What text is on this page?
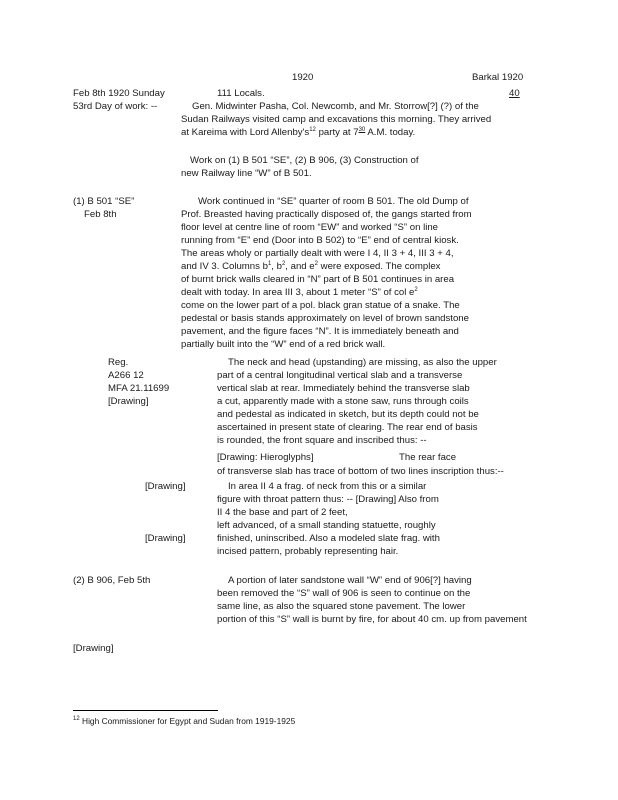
1920	Barkal 1920
40
Feb 8th 1920 Sunday	111 Locals.
53rd Day of work: --	Gen. Midwinter Pasha, Col. Newcomb, and Mr. Storrow[?] (?) of the
Sudan Railways visited camp and excavations this morning. They arrived
at Kareima with Lord $Allenby's^{12}$ party at $7^{30}$ A.M. today.
Work on (1) B 501 “SE”, (2) B 906, (3) Construction of
new Railway line “W” of B 501.
(1) B 501 “SE”
Feb 8th
Work continued in “SE” quarter of room B 501. The old Dump of
Prof. Breasted having practically disposed of, the gangs started from
floor level at centre line of room “EW” and worked “S” on line
running from “E” end (Door into B 502) to “E” end of central kiosk.
The areas wholy or partially dealt with were I 4, II 3 + 4, III 3 + 4,
and IV 3. Columns $b^1$, $b^2$, and $e^2$ were exposed. The complex
of burnt brick walls cleared in “N” part of B 501 continues in area
dealt with today. In area III 3, about 1 meter “S” of col $e^2$
come on the lower part of a pol. black gran statue of a snake. The
pedestal or basis stands approximately on level of brown sandstone
pavement, and the figure faces “N”. It is immediately beneath and
partially built into the “W” end of a red brick wall.
Reg.
A266 12
MFA 21.11699
[Drawing]
The neck and head (upstanding) are missing, as also the upper
part of a central longitudinal vertical slab and a transverse
vertical slab at rear. Immediately behind the transverse slab
a cut, apparently made with a stone saw, runs through coils
and pedestal as indicated in sketch, but its depth could not be
ascertained in present state of clearing. The rear end of basis
is rounded, the front square and inscribed thus: --
[Drawing: Hieroglyphs]	The rear face
of transverse slab has trace of bottom of two lines inscription thus:--
[Drawing]	In area II 4 a frag. of neck from this or a similar
figure with throat pattern thus: -- [Drawing] Also from
II 4 the base and part of 2 feet,
left advanced, of a small standing statuette, roughly
[Drawing]	finished, uninscribed. Also a modeled slate frag. with
incised pattern, probably representing hair.
(2) B 906, Feb 5th	A portion of later sandstone wall “W” end of 906[?] having
been removed the “S” wall of 906 is seen to continue on the
same line, as also the squared stone pavement. The lower
portion of this “S” wall is burnt by fire, for about 40 cm. up from pavement
[Drawing]
$^{12}$ High Commissioner for Egypt and Sudan from 1919-1925
